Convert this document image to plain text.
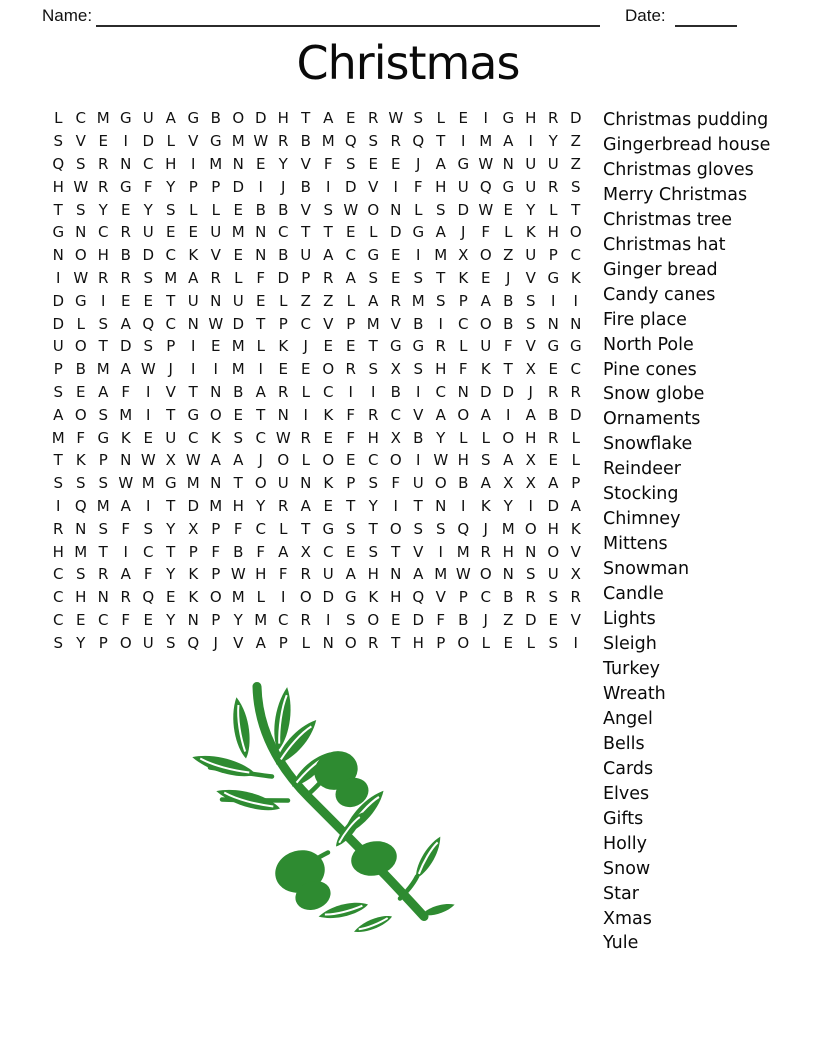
Name:	Date:
Christmas
L C M G U A G B O D H T A E R W S L E	I G H R D
S V E	I D L V G M W R B M Q S R Q T	I M A	I	Y Z
Q S R N C H I M N E Y V F S E E	J	A G W N U U Z
H W R G F Y P P D I	J	B	I D V	I	F H U Q G U R S
T S Y E Y S L L E B B V S W O N L S D W E Y L T
G N C R U E E U M N C T T E L D G A	J	F L K H O
N O H B D C K V E N B U A C G E	I M X O Z U P C
I W R R S M A R L F D P R A S E S T K E	J	V G K
D G I	E E T U N U E L Z Z L A R M S P A B S	I	I
D L S A Q C N W D T P C V P M V B	I	C O B S N N
U O T D S P	I	E M L K	J	E E T G G R L U F V G G
P B M A W J	I	I M I	E E O R S X S H F K T X E C
S E A F	I	V T N B A R L C	I	I	B	I	C N D D J	R R
A O S M I	T G O E T N I	K F R C V A O A	I	A B D
M F G K E U C K S C W R E F H X B Y L L O H R L
T K P N W X W A A	J O L O E C O I W H S A X E L
S S S W M G M N T O U N K P S F U O B A X X A P
I Q M A	I	T D M H Y R A E T Y	I	T N I	K Y	I D A
R N S F S Y X P F C L T G S T O S S Q J M O H K
H M T	I	C T P F B F A X C E S T V	I M R H N O V
C S R A F Y K P W H F R U A H N A M W O N S U X
C H N R Q E K O M L	I O D G K H Q V P C B R S R
C E C F E Y N P Y M C R	I	S O E D F B	J	Z D E V
S Y P O U S Q J	V A P L N O R T H P O L E L S	I
Christmas pudding
Gingerbread house
Christmas gloves
Merry Christmas
Christmas tree
Christmas hat
Ginger bread
Candy canes
Fire place
North Pole
Pine cones
Snow globe
Ornaments
Snowflake
Reindeer
Stocking
Chimney
Mittens
Snowman
Candle
Lights
Sleigh
Turkey
Wreath
Angel
Bells
Cards
Elves
Gifts
Holly
Snow
Star
Xmas
Yule
